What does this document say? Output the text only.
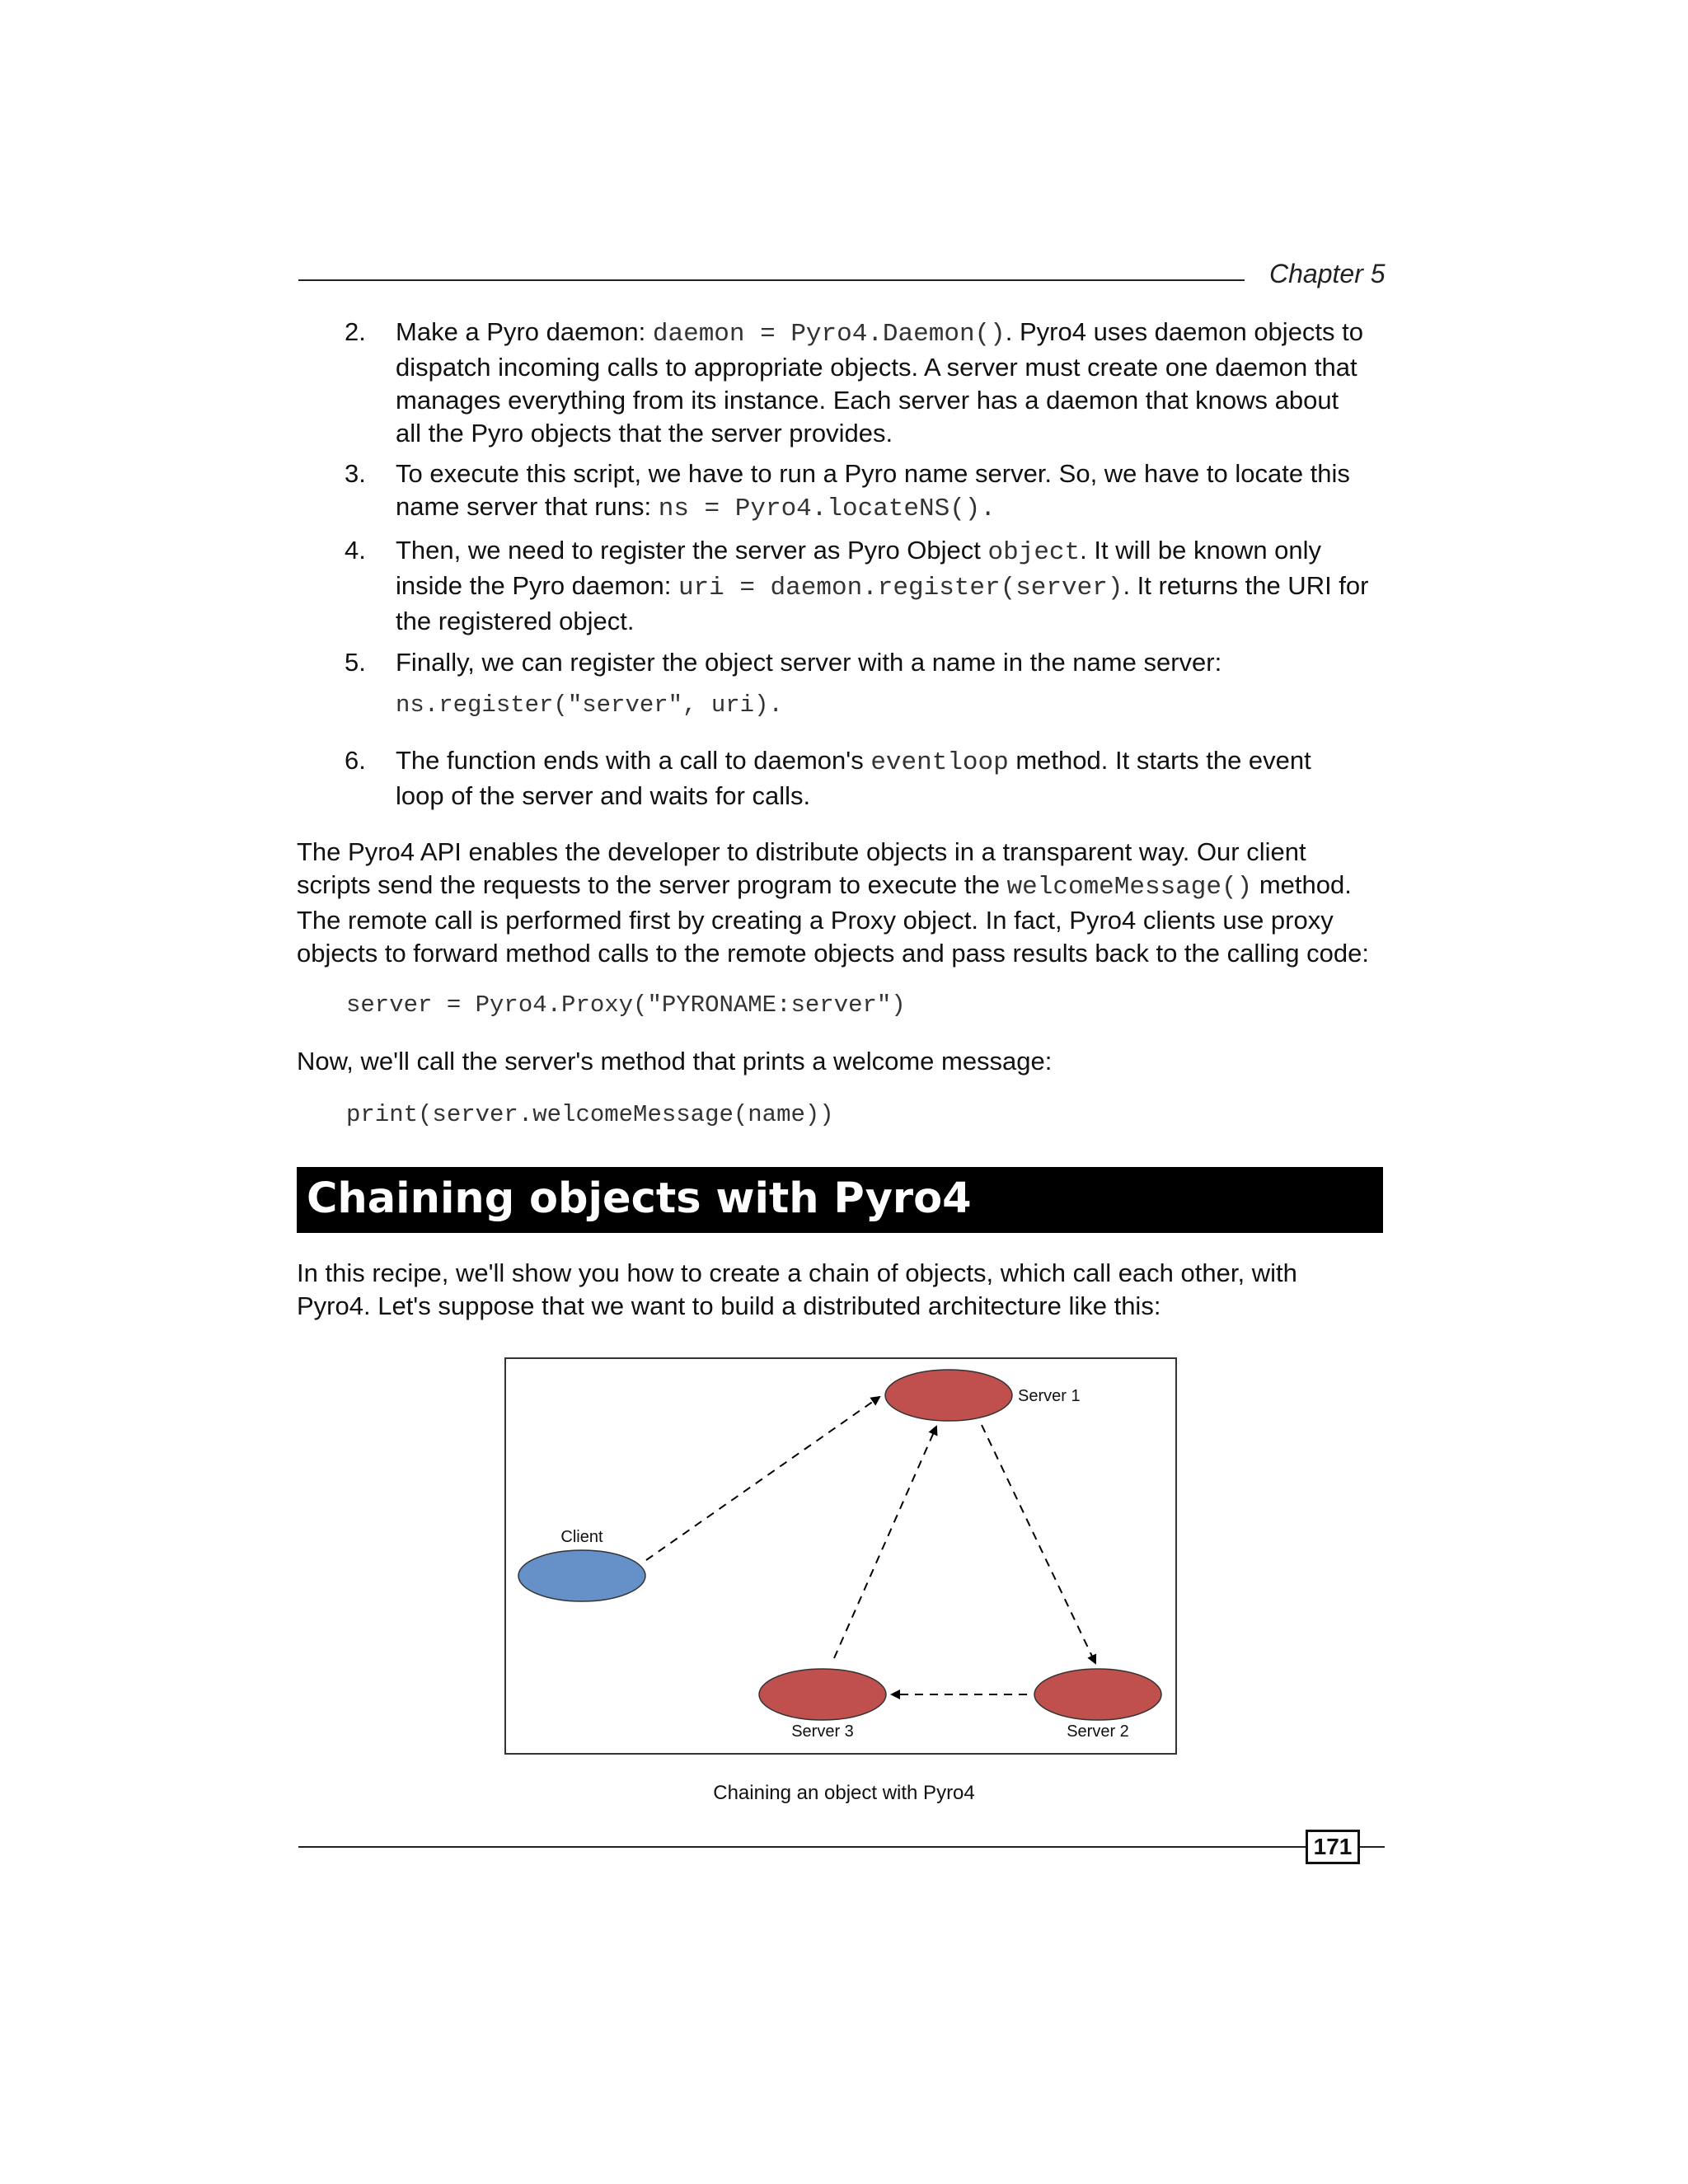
Chapter 5
2. Make a Pyro daemon: daemon = Pyro4.Daemon(). Pyro4 uses daemon objects to
dispatch incoming calls to appropriate objects. A server must create one daemon that
manages everything from its instance. Each server has a daemon that knows about
all the Pyro objects that the server provides.
3. To execute this script, we have to run a Pyro name server. So, we have to locate this
name server that runs: ns = Pyro4.locateNS().
4. Then, we need to register the server as Pyro Object object. It will be known only
inside the Pyro daemon: uri = daemon.register(server). It returns the URI for
the registered object.
5. Finally, we can register the object server with a name in the name server:
ns.register("server", uri).
6. The function ends with a call to daemon's eventloop method. It starts the event
loop of the server and waits for calls.
The Pyro4 API enables the developer to distribute objects in a transparent way. Our client
scripts send the requests to the server program to execute the welcomeMessage() method.
The remote call is performed first by creating a Proxy object. In fact, Pyro4 clients use proxy
objects to forward method calls to the remote objects and pass results back to the calling code:
server = Pyro4.Proxy("PYRONAME:server")
Now, we'll call the server's method that prints a welcome message:
print(server.welcomeMessage(name))
Chaining objects with Pyro4
In this recipe, we'll show you how to create a chain of objects, which call each other, with
Pyro4. Let's suppose that we want to build a distributed architecture like this:
Client
Server 1
Server 2
Server 3
Chaining an object with Pyro4
171
